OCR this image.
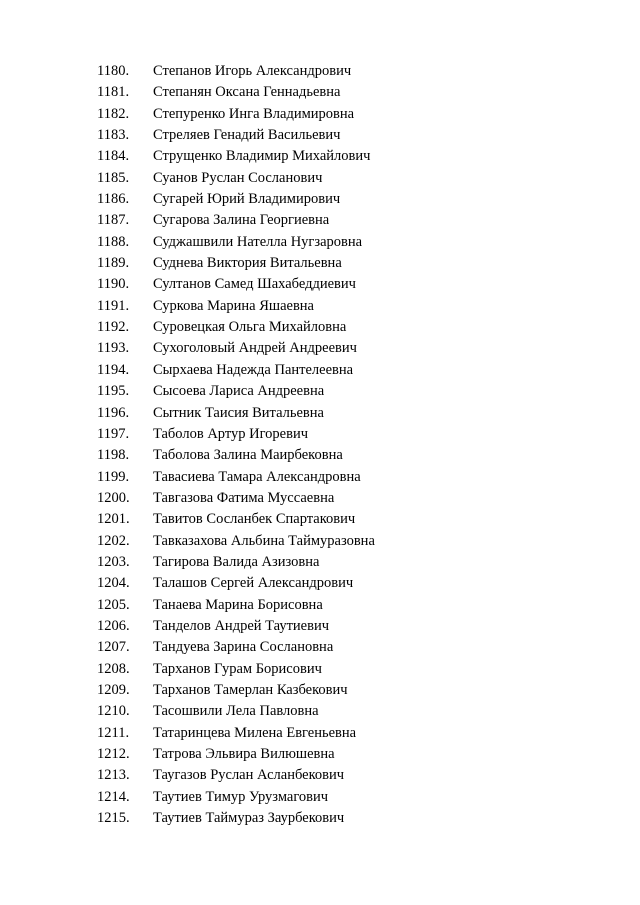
1180. Степанов Игорь Александрович
1181. Степанян Оксана Геннадьевна
1182. Степуренко Инга Владимировна
1183. Стреляев Генадий Васильевич
1184. Струщенко Владимир Михайлович
1185. Суанов Руслан Сосланович
1186. Сугарей Юрий Владимирович
1187. Сугарова Залина Георгиевна
1188. Суджашвили Нателла Нугзаровна
1189. Суднева Виктория Витальевна
1190. Султанов Самед Шахабеддиевич
1191. Суркова Марина Яшаевна
1192. Суровецкая Ольга Михайловна
1193. Сухоголовый Андрей Андреевич
1194. Сырхаева Надежда Пантелеевна
1195. Сысоева Лариса Андреевна
1196. Сытник Таисия Витальевна
1197. Таболов Артур Игоревич
1198. Таболова Залина Маирбековна
1199. Тавасиева Тамара Александровна
1200. Тавгазова Фатима Муссаевна
1201. Тавитов Сосланбек Спартакович
1202. Тавказахова Альбина Таймуразовна
1203. Тагирова Валида Азизовна
1204. Талашов Сергей Александрович
1205. Танаева Марина Борисовна
1206. Танделов Андрей Таутиевич
1207. Тандуева Зарина Сослановна
1208. Тарханов Гурам Борисович
1209. Тарханов Тамерлан Казбекович
1210. Тасошвили Лела Павловна
1211. Татаринцева Милена Евгеньевна
1212. Татрова Эльвира Вилюшевна
1213. Таугазов Руслан Асланбекович
1214. Таутиев Тимур Урузмагович
1215. Таутиев Таймураз Заурбекович
